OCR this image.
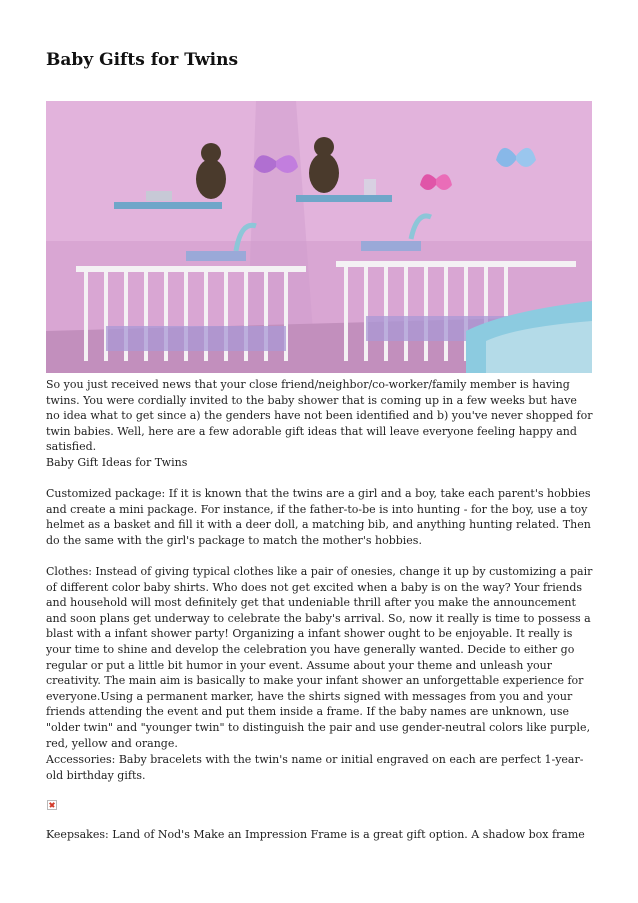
Baby Gifts for Twins

So you just received news that your close friend/neighbor/co-worker/family member is having twins. You were cordially invited to the baby shower that is coming up in a few weeks but have no idea what to get since a) the genders have not been identified and b) you've never shopped for twin babies. Well, here are a few adorable gift ideas that will leave everyone feeling happy and satisfied.

Baby Gift Ideas for Twins

Customized package: If it is known that the twins are a girl and a boy, take each parent's hobbies and create a mini package. For instance, if the father-to-be is into hunting - for the boy, use a toy helmet as a basket and fill it with a deer doll, a matching bib, and anything hunting related. Then do the same with the girl's package to match the mother's hobbies.

Clothes: Instead of giving typical clothes like a pair of onesies, change it up by customizing a pair of different color baby shirts. Who does not get excited when a baby is on the way? Your friends and household will most definitely get that undeniable thrill after you make the announcement and soon plans get underway to celebrate the baby's arrival. So, now it really is time to possess a blast with a infant shower party! Organizing a infant shower ought to be enjoyable. It really is your time to shine and develop the celebration you have generally wanted. Decide to either go regular or put a little bit humor in your event. Assume about your theme and unleash your creativity. The main aim is basically to make your infant shower an unforgettable experience for everyone.Using a permanent marker, have the shirts signed with messages from you and your friends attending the event and put them inside a frame. If the baby names are unknown, use "older twin" and "younger twin" to distinguish the pair and use gender-neutral colors like purple, red, yellow and orange.

Accessories: Baby bracelets with the twin's name or initial engraved on each are perfect 1-year-old birthday gifts.

Keepsakes: Land of Nod's Make an Impression Frame is a great gift option. A shadow box frame
